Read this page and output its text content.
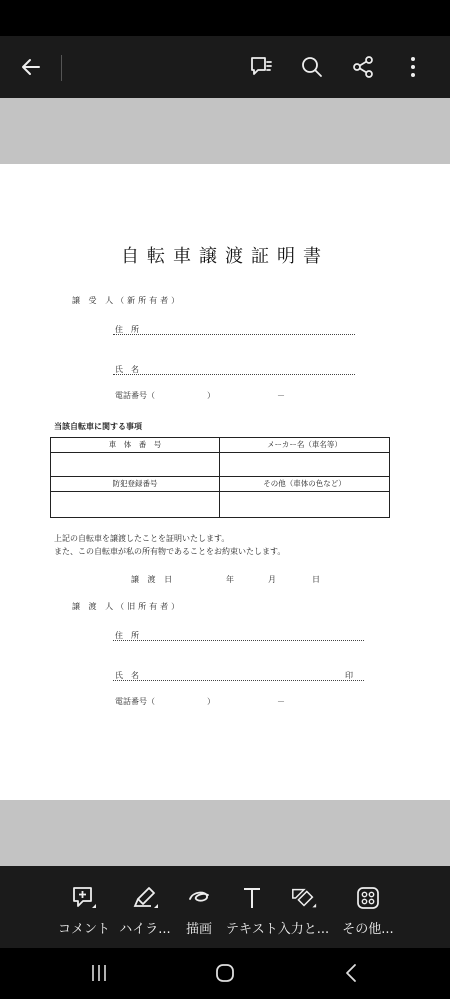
自転車譲渡証明書
譲 受 人（新所有者）
住　所
氏　名
電話番号（	）	－
当該自転車に関する事項
車　体　番　号	メーカー名（車名等）
防犯登録番号	その他（車体の色など）
上記の自転車を譲渡したことを証明いたします。
また、この自転車が私の所有物であることをお約束いたします。
譲 渡 日	年	月	日
譲 渡 人（旧所有者）
住　所
氏　名	印
電話番号（	）	－
コメント ハイラ...	描画	テキスト入力と...	その他...
